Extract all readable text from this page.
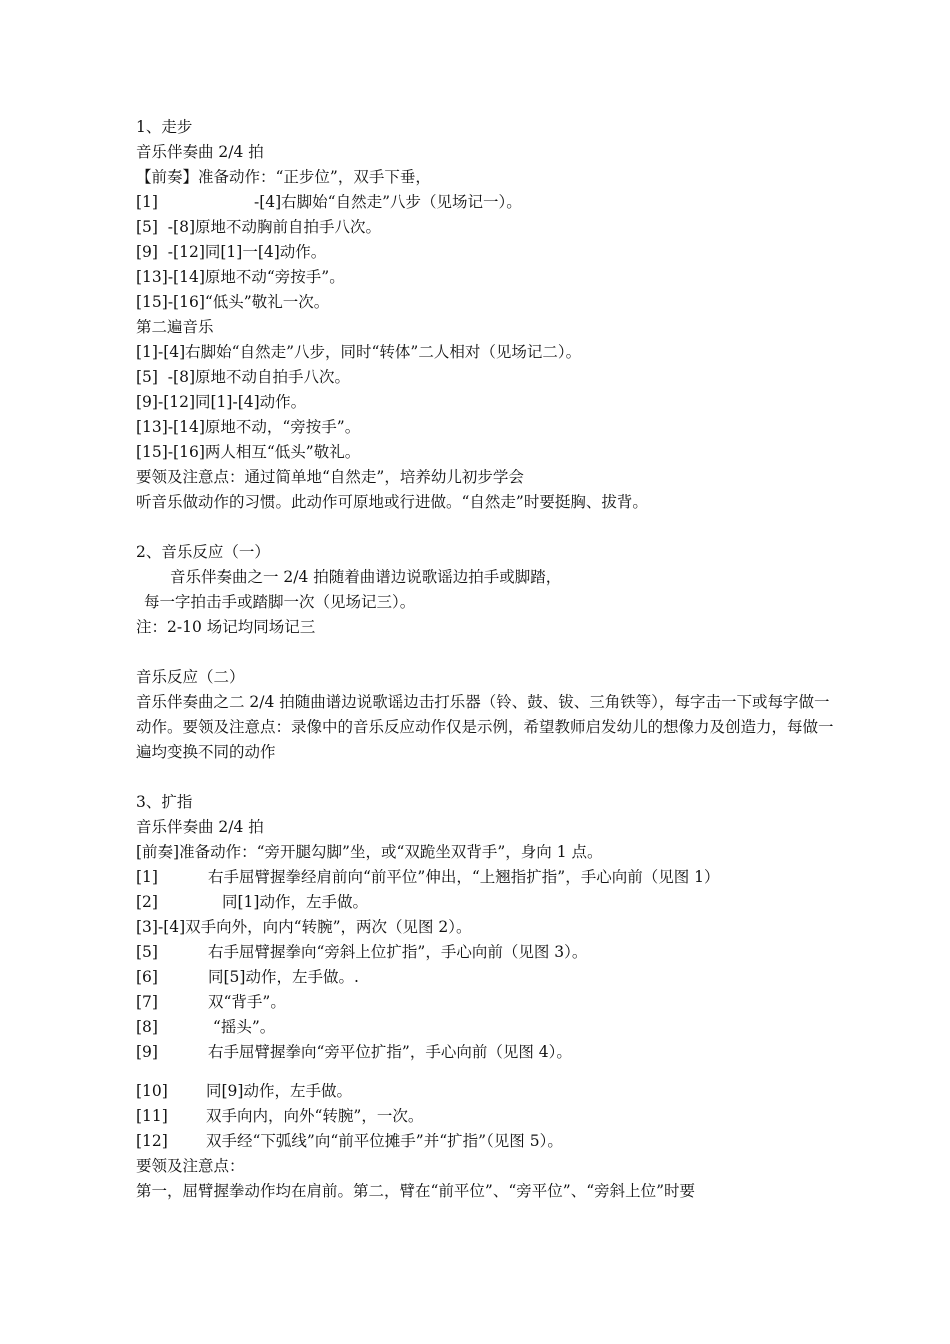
1、走步
音乐伴奏曲 2/4 拍
【前奏】准备动作：“正步位”，双手下垂，
[1]	-[4]右脚始“自然走”八步（见场记一）。
[5]  -[8]原地不动胸前自拍手八次。
[9]  -[12]同[1]一[4]动作。
[13]-[14]原地不动“旁按手”。
[15]-[16]“低头”敬礼一次。
第二遍音乐
[1]-[4]右脚始“自然走”八步，同时“转体”二人相对（见场记二）。
[5]  -[8]原地不动自拍手八次。
[9]-[12]同[1]-[4]动作。
[13]-[14]原地不动，“旁按手”。
[15]-[16]两人相互“低头”敬礼。
要领及注意点：通过简单地“自然走”，培养幼儿初步学会
听音乐做动作的习惯。此动作可原地或行进做。“自然走”时要挺胸、拔背。
2、音乐反应（一）
音乐伴奏曲之一 2/4 拍随着曲谱边说歌谣边拍手或脚踏，
每一字拍击手或踏脚一次（见场记三）。
注：2-10 场记均同场记三
音乐反应（二）
音乐伴奏曲之二 2/4 拍随曲谱边说歌谣边击打乐器（铃、鼓、钹、三角铁等），每字击一下或每字做一动作。要领及注意点：录像中的音乐反应动作仅是示例，希望教师启发幼儿的想像力及创造力，每做一遍均变换不同的动作
3、扩指
音乐伴奏曲 2/4 拍
[前奏]准备动作：“旁开腿勾脚”坐，或“双跪坐双背手”，身向 1 点。
[1]	右手屈臂握拳经肩前向“前平位”伸出，“上翘指扩指”，手心向前（见图 1）
[2]	同[1]动作，左手做。
[3]-[4]双手向外，向内“转腕”，两次（见图 2）。
[5]	右手屈臂握拳向“旁斜上位扩指”，手心向前（见图 3）。
[6]	同[5]动作，左手做。.
[7]	双“背手”。
[8]	“摇头”。
[9]	右手屈臂握拳向“旁平位扩指”，手心向前（见图 4）。
[10] 同[9]动作，左手做。
[11] 双手向内，向外“转腕”，一次。
[12] 双手经“下弧线”向“前平位摊手”并“扩指”（见图 5）。
要领及注意点：
第一，屈臂握拳动作均在肩前。第二，臂在“前平位”、“旁平位”、“旁斜上位”时要
